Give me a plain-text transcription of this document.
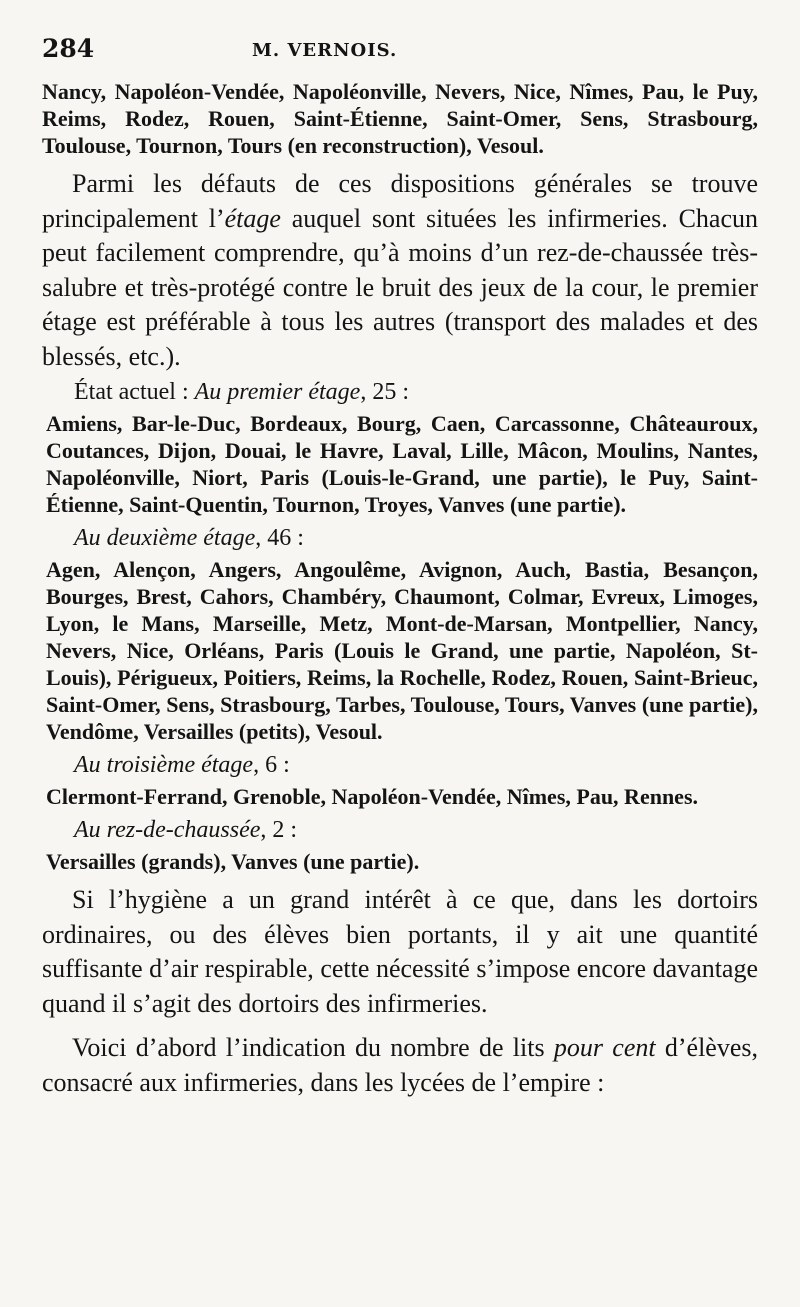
284	M. VERNOIS.

Nancy, Napoléon-Vendée, Napoléonville, Nevers, Nice, Nîmes, Pau, le Puy, Reims, Rodez, Rouen, Saint-Étienne, Saint-Omer, Sens, Strasbourg, Toulouse, Tournon, Tours (en reconstruction), Vesoul.

Parmi les défauts de ces dispositions générales se trouve principalement l’étage auquel sont situées les infirmeries. Chacun peut facilement comprendre, qu’à moins d’un rez-de-chaussée très-salubre et très-protégé contre le bruit des jeux de la cour, le premier étage est préférable à tous les autres (transport des malades et des blessés, etc.).

État actuel : Au premier étage, 25 :

Amiens, Bar-le-Duc, Bordeaux, Bourg, Caen, Carcassonne, Châteauroux, Coutances, Dijon, Douai, le Havre, Laval, Lille, Mâcon, Moulins, Nantes, Napoléonville, Niort, Paris (Louis-le-Grand, une partie), le Puy, Saint-Étienne, Saint-Quentin, Tournon, Troyes, Vanves (une partie).

Au deuxième étage, 46 :

Agen, Alençon, Angers, Angoulême, Avignon, Auch, Bastia, Besançon, Bourges, Brest, Cahors, Chambéry, Chaumont, Colmar, Evreux, Limoges, Lyon, le Mans, Marseille, Metz, Mont-de-Marsan, Montpellier, Nancy, Nevers, Nice, Orléans, Paris (Louis le Grand, une partie, Napoléon, St-Louis), Périgueux, Poitiers, Reims, la Rochelle, Rodez, Rouen, Saint-Brieuc, Saint-Omer, Sens, Strasbourg, Tarbes, Toulouse, Tours, Vanves (une partie), Vendôme, Versailles (petits), Vesoul.

Au troisième étage, 6 :

Clermont-Ferrand, Grenoble, Napoléon-Vendée, Nîmes, Pau, Rennes.

Au rez-de-chaussée, 2 :

Versailles (grands), Vanves (une partie).

Si l’hygiène a un grand intérêt à ce que, dans les dortoirs ordinaires, ou des élèves bien portants, il y ait une quantité suffisante d’air respirable, cette nécessité s’impose encore davantage quand il s’agit des dortoirs des infirmeries.

Voici d’abord l’indication du nombre de lits pour cent d’élèves, consacré aux infirmeries, dans les lycées de l’empire :
